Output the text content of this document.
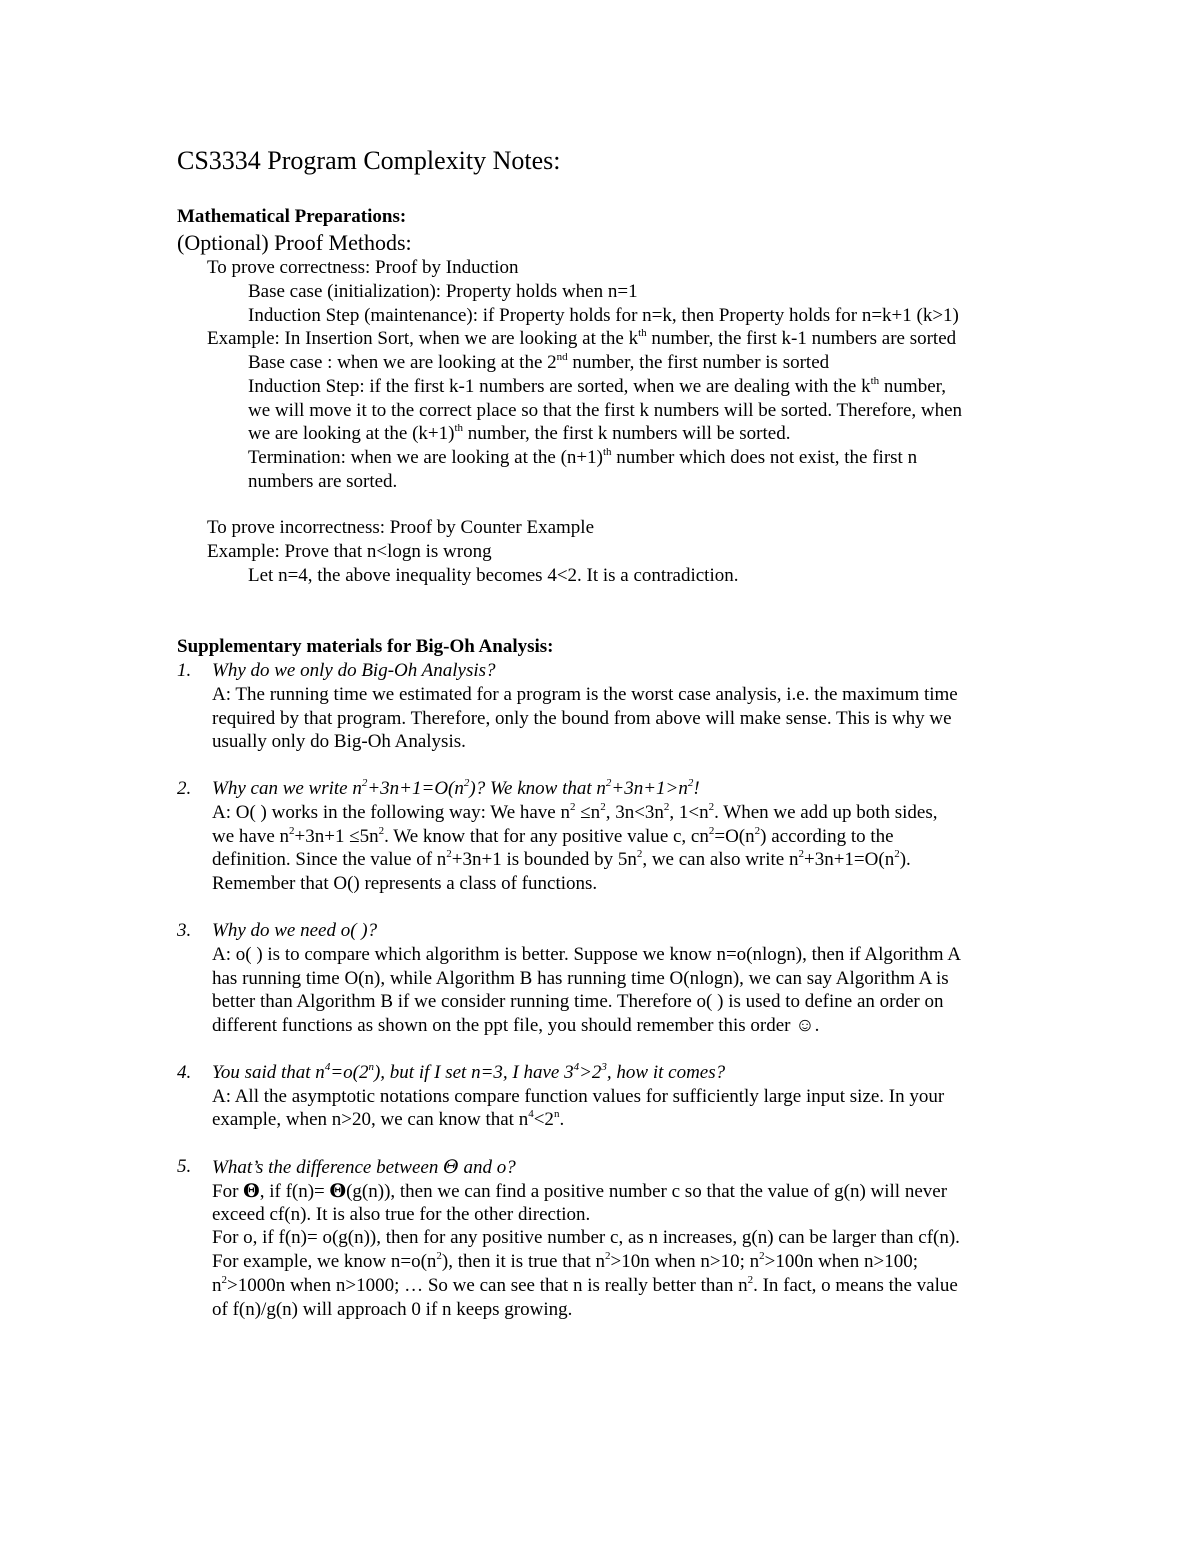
CS3334 Program Complexity Notes:
Mathematical Preparations:
(Optional) Proof Methods:
To prove correctness: Proof by Induction
Base case (initialization): Property holds when n=1
Induction Step (maintenance): if Property holds for n=k, then Property holds for n=k+1 (k>1)
Example: In Insertion Sort, when we are looking at the $k^{th}$ number, the first k-1 numbers are sorted
Base case : when we are looking at the 2nd number, the first number is sorted
Induction Step: if the first k-1 numbers are sorted, when we are dealing with the $k^{th}$ number,
we will move it to the correct place so that the first k numbers will be sorted. Therefore, when
we are looking at the $(k+1)^{th}$ number, the first k numbers will be sorted.
Termination: when we are looking at the $(n+1)^{th}$ number which does not exist, the first n
numbers are sorted.
To prove incorrectness: Proof by Counter Example
Example: Prove that n<logn is wrong
Let n=4, the above inequality becomes 4<2. It is a contradiction.
Supplementary materials for Big-Oh Analysis:
1. Why do we only do Big-Oh Analysis?
A: The running time we estimated for a program is the worst case analysis, i.e. the maximum time
required by that program. Therefore, only the bound from above will make sense. This is why we
usually only do Big-Oh Analysis.
2. Why can we write $n^2+3n+1=O(n^2)$? We know that $n^2+3n+1>n^2$!
A: O( ) works in the following way: We have $n^2 \le n^2$, $3n<3n^2$, $1<n^2$. When we add up both sides,
we have $n^2+3n+1 \le 5n^2$. We know that for any positive value c, $cn^2=O(n^2)$ according to the
definition. Since the value of $n^2+3n+1$ is bounded by $5n^2$, we can also write $n^2+3n+1=O(n^2)$.
Remember that O() represents a class of functions.
3. Why do we need o( )?
A: o( ) is to compare which algorithm is better. Suppose we know n=o(nlogn), then if Algorithm A
has running time O(n), while Algorithm B has running time O(nlogn), we can say Algorithm A is
better than Algorithm B if we consider running time. Therefore o( ) is used to define an order on
different functions as shown on the ppt file, you should remember this order ☺.
4. You said that $n^4=o(2^n)$, but if I set n=3, I have $3^4>2^3$, how it comes?
A: All the asymptotic notations compare function values for sufficiently large input size. In your
example, when n>20, we can know that $n^4<2^n$.
5. What’s the difference between Θ and o?
For Θ, if f(n)= Θ(g(n)), then we can find a positive number c so that the value of g(n) will never
exceed cf(n). It is also true for the other direction.
For o, if f(n)= o(g(n)), then for any positive number c, as n increases, g(n) can be larger than cf(n).
For example, we know $n=o(n^2)$, then it is true that $n^2>10n$ when n>10; $n^2>100n$ when n>100;
$n^2>1000n$ when n>1000; … So we can see that n is really better than $n^2$. In fact, o means the value
of f(n)/g(n) will approach 0 if n keeps growing.
